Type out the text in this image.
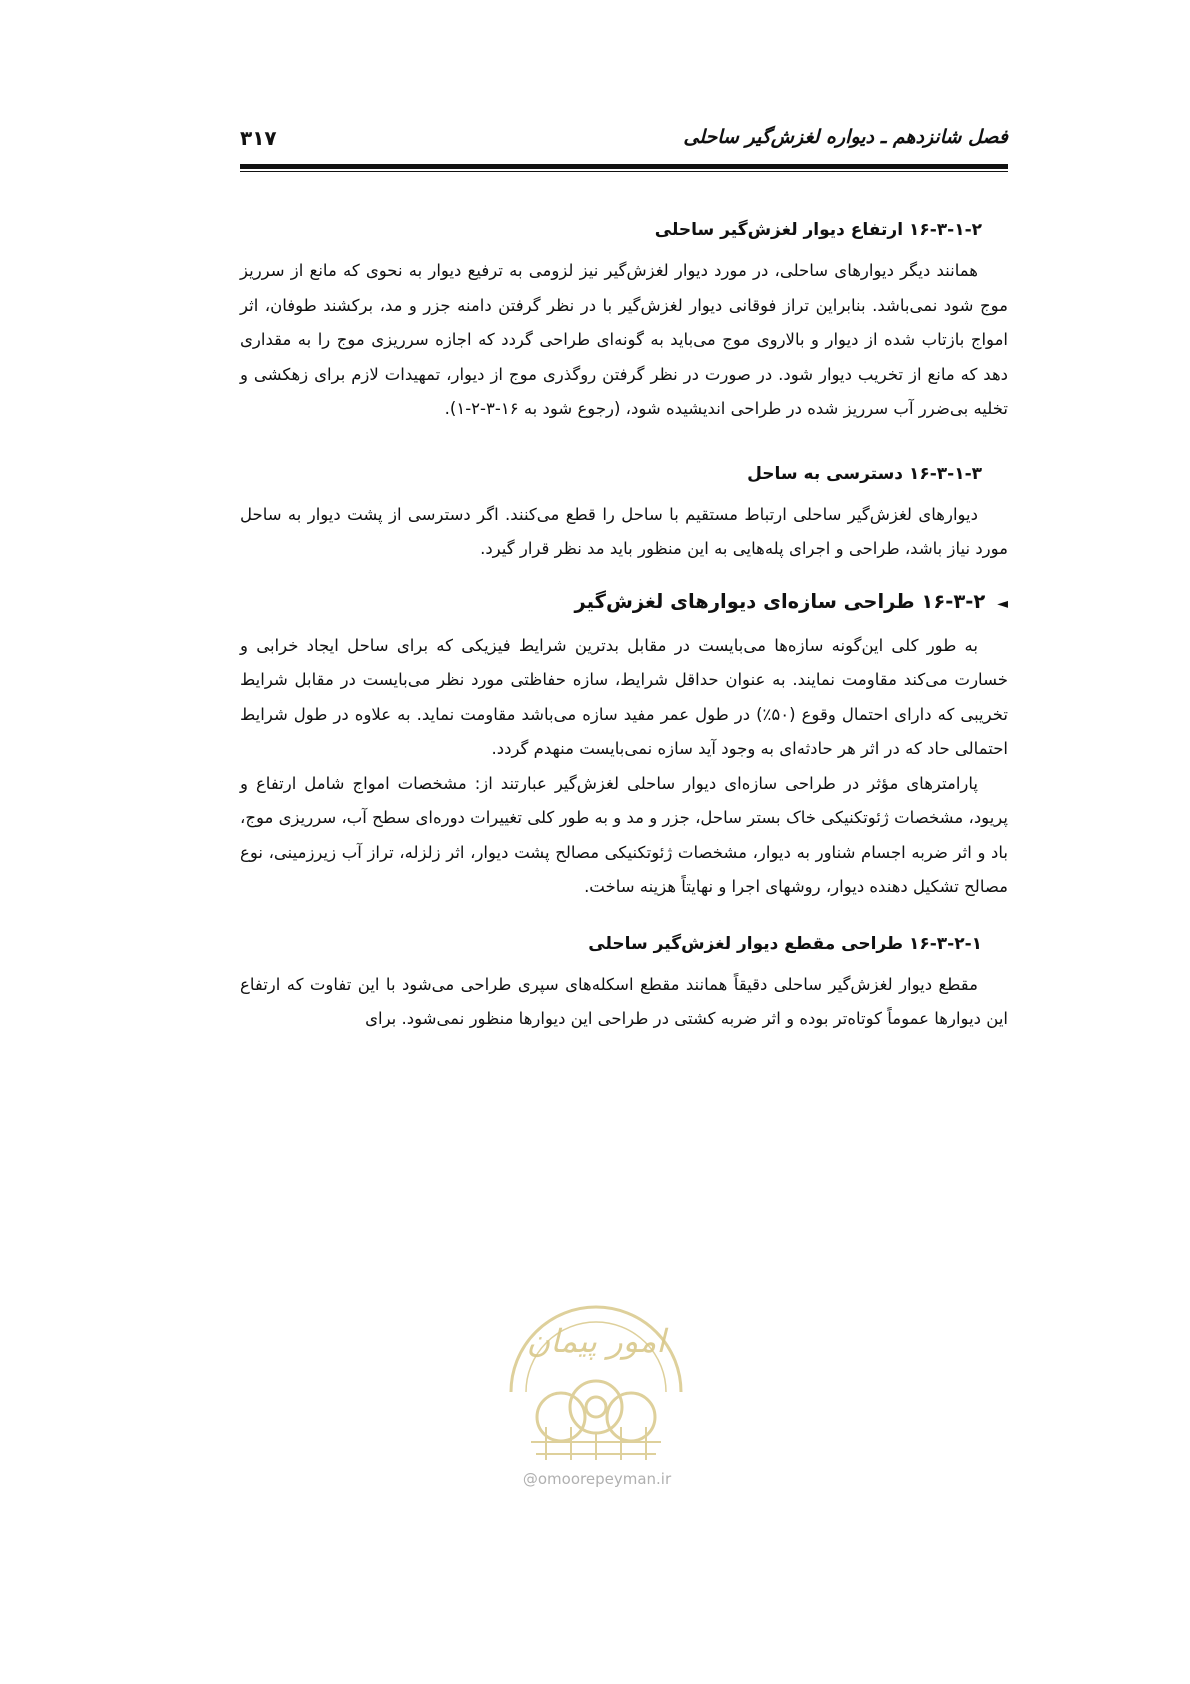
فصل شانزدهم ـ دیواره لغزش‌گیر ساحلی
۳۱۷
۱۶-۳-۱-۲ ارتفاع دیوار لغزش‌گیر ساحلی

همانند دیگر دیوارهای ساحلی، در مورد دیوار لغزش‌گیر نیز لزومی به ترفیع دیوار به نحوی که مانع از سرریز موج شود نمی‌باشد. بنابراین تراز فوقانی دیوار لغزش‌گیر با در نظر گرفتن دامنه جزر و مد، برکشند طوفان، اثر امواج بازتاب شده از دیوار و بالاروی موج می‌باید به گونه‌ای طراحی گردد که اجازه سرریزی موج را به مقداری دهد که مانع از تخریب دیوار شود. در صورت در نظر گرفتن روگذری موج از دیوار، تمهیدات لازم برای زهکشی و تخلیه بی‌ضرر آب سرریز شده در طراحی اندیشیده شود، (رجوع شود به ۱۶-۳-۲-۱).

۱۶-۳-۱-۳ دسترسی به ساحل

دیوارهای لغزش‌گیر ساحلی ارتباط مستقیم با ساحل را قطع می‌کنند. اگر دسترسی از پشت دیوار به ساحل مورد نیاز باشد، طراحی و اجرای پله‌هایی به این منظور باید مد نظر قرار گیرد.

◄۱۶-۳-۲ طراحی سازه‌ای دیوارهای لغزش‌گیر

به طور کلی این‌گونه سازه‌ها می‌بایست در مقابل بدترین شرایط فیزیکی که برای ساحل ایجاد خرابی و خسارت می‌کند مقاومت نمایند. به عنوان حداقل شرایط، سازه حفاظتی مورد نظر می‌بایست در مقابل شرایط تخریبی که دارای احتمال وقوع (۵۰٪) در طول عمر مفید سازه می‌باشد مقاومت نماید. به علاوه در طول شرایط احتمالی حاد که در اثر هر حادثه‌ای به وجود آید سازه نمی‌بایست منهدم گردد.

پارامترهای مؤثر در طراحی سازه‌ای دیوار ساحلی لغزش‌گیر عبارتند از: مشخصات امواج شامل ارتفاع و پریود، مشخصات ژئوتکنیکی خاک بستر ساحل، جزر و مد و به طور کلی تغییرات دوره‌ای سطح آب، سرریزی موج، باد و اثر ضربه اجسام شناور به دیوار، مشخصات ژئوتکنیکی مصالح پشت دیوار، اثر زلزله، تراز آب زیرزمینی، نوع مصالح تشکیل دهنده دیوار، روشهای اجرا و نهایتاً هزینه ساخت.

۱۶-۳-۲-۱ طراحی مقطع دیوار لغزش‌گیر ساحلی

مقطع دیوار لغزش‌گیر ساحلی دقیقاً همانند مقطع اسکله‌های سپری طراحی می‌شود با این تفاوت که ارتفاع این دیوارها عموماً کوتاه‌تر بوده و اثر ضربه کشتی در طراحی این دیوارها منظور نمی‌شود. برای

امور پیمان
@omoorepeyman.ir
